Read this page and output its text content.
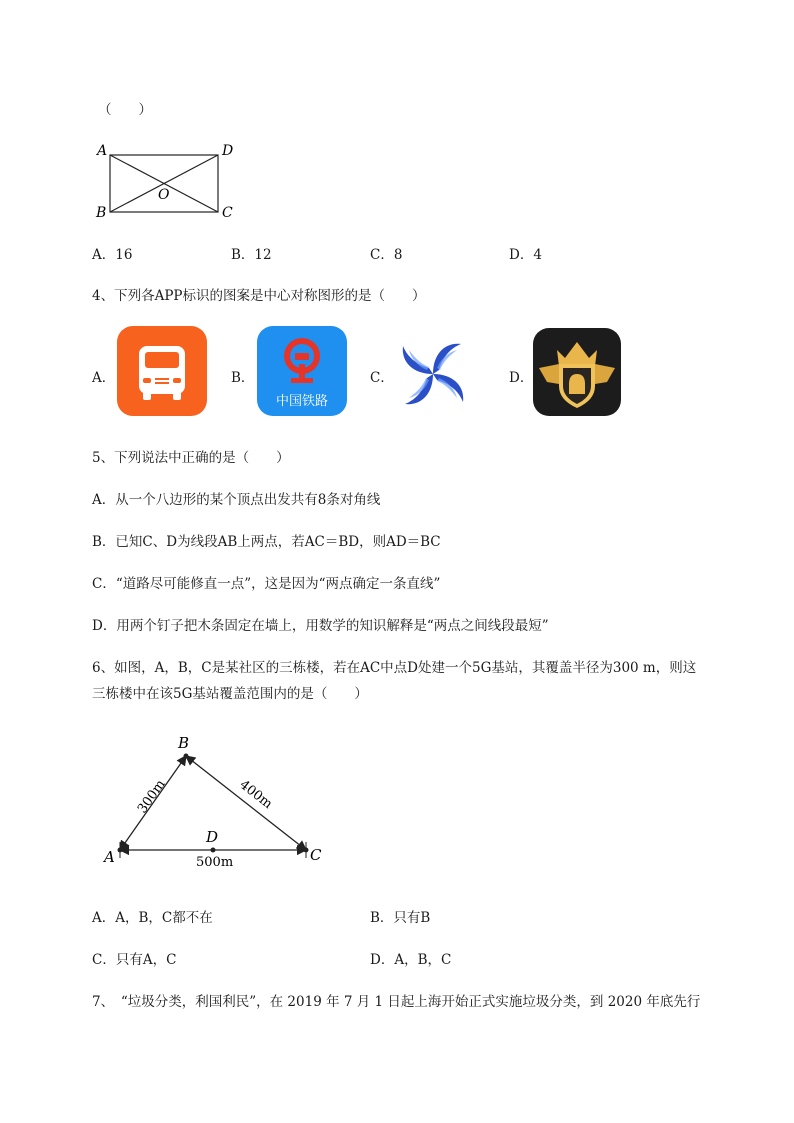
（　　）
A	D
O
B	C
A．16	B．12	C．8	D．4
4、下列各APP标识的图案是中心对称图形的是（　　）
A．	B．
中国铁路
C．	D．
5、下列说法中正确的是（　　）
A．从一个八边形的某个顶点出发共有8条对角线
B．已知C、D为线段AB上两点，若AC＝BD，则AD＝BC
C．“道路尽可能修直一点”，这是因为“两点确定一条直线”
D．用两个钉子把木条固定在墙上，用数学的知识解释是“两点之间线段最短”
6、如图，A，B，C是某社区的三栋楼，若在AC中点D处建一个5G基站，其覆盖半径为300 m，则这
三栋楼中在该5G基站覆盖范围内的是（　　）
B
A	C
D
500m
300m	400m
A．A，B，C都不在	B．只有B
C．只有A，C	D．A，B，C
7、　“垃圾分类，利国利民”，在 2019 年 7 月 1 日起上海开始正式实施垃圾分类，到 2020 年底先行
